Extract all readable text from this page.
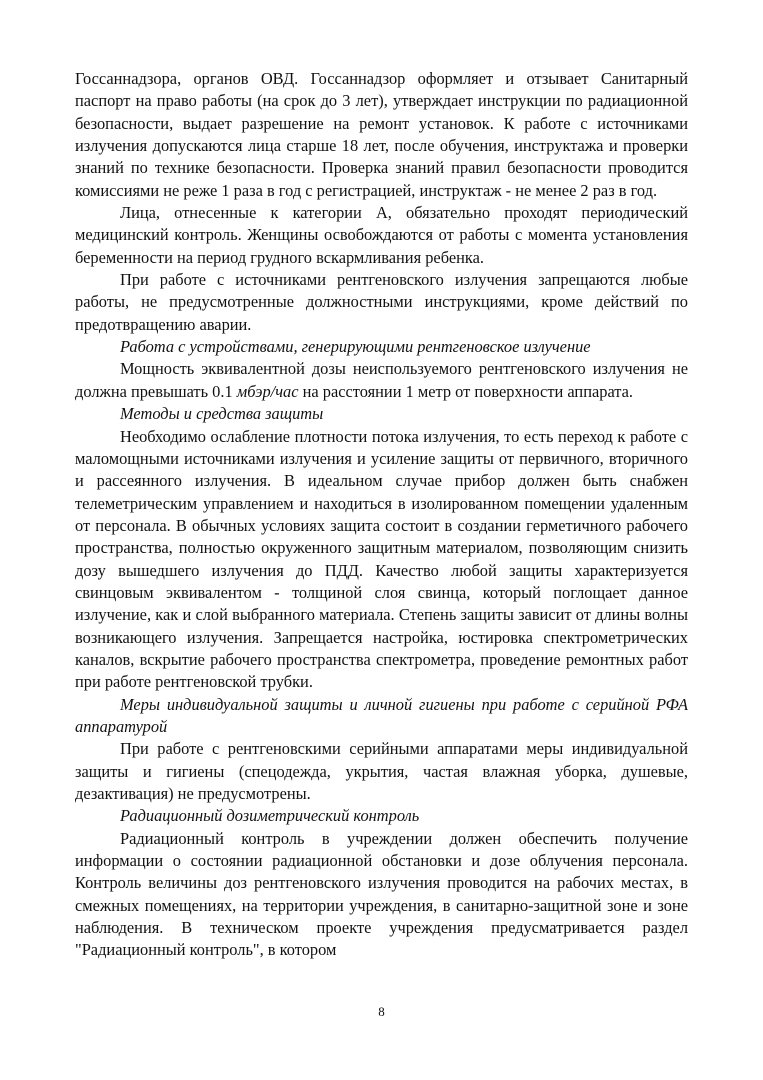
Госсаннадзора, органов ОВД. Госсаннадзор оформляет и отзывает Санитарный паспорт на право работы (на срок до 3 лет), утверждает инструкции по радиационной безопасности, выдает разрешение на ремонт установок. К работе с источниками излучения допускаются лица старше 18 лет, после обучения, инструктажа и проверки знаний по технике безопасности. Проверка знаний правил безопасности проводится комиссиями не реже 1 раза в год с регистрацией, инструктаж - не менее 2 раз в год.

Лица, отнесенные к категории А, обязательно проходят периодический медицинский контроль. Женщины освобождаются от работы с момента установления беременности на период грудного вскармливания ребенка.

При работе с источниками рентгеновского излучения запрещаются любые работы, не предусмотренные должностными инструкциями, кроме действий по предотвращению аварии.

Работа с устройствами, генерирующими рентгеновское излучение

Мощность эквивалентной дозы неиспользуемого рентгеновского излучения не должна превышать 0.1 мбэр/час на расстоянии 1 метр от поверхности аппарата.

Методы и средства защиты

Необходимо ослабление плотности потока излучения, то есть переход к работе с маломощными источниками излучения и усиление защиты от первичного, вторичного и рассеянного излучения. В идеальном случае прибор должен быть снабжен телеметрическим управлением и находиться в изолированном помещении удаленным от персонала. В обычных условиях защита состоит в создании герметичного рабочего пространства, полностью окруженного защитным материалом, позволяющим снизить дозу вышедшего излучения до ПДД. Качество любой защиты характеризуется свинцовым эквивалентом - толщиной слоя свинца, который поглощает данное излучение, как и слой выбранного материала. Степень защиты зависит от длины волны возникающего излучения. Запрещается настройка, юстировка спектрометрических каналов, вскрытие рабочего пространства спектрометра, проведение ремонтных работ при работе рентгеновской трубки.

Меры индивидуальной защиты и личной гигиены при работе с серийной РФА аппаратурой

При работе с рентгеновскими серийными аппаратами меры индивидуальной защиты и гигиены (спецодежда, укрытия, частая влажная уборка, душевые, дезактивация) не предусмотрены.

Радиационный дозиметрический контроль

Радиационный контроль в учреждении должен обеспечить получение информации о состоянии радиационной обстановки и дозе облучения персонала. Контроль величины доз рентгеновского излучения проводится на рабочих местах, в смежных помещениях, на территории учреждения, в санитарно-защитной зоне и зоне наблюдения. В техническом проекте учреждения предусматривается раздел "Радиационный контроль", в котором

8
